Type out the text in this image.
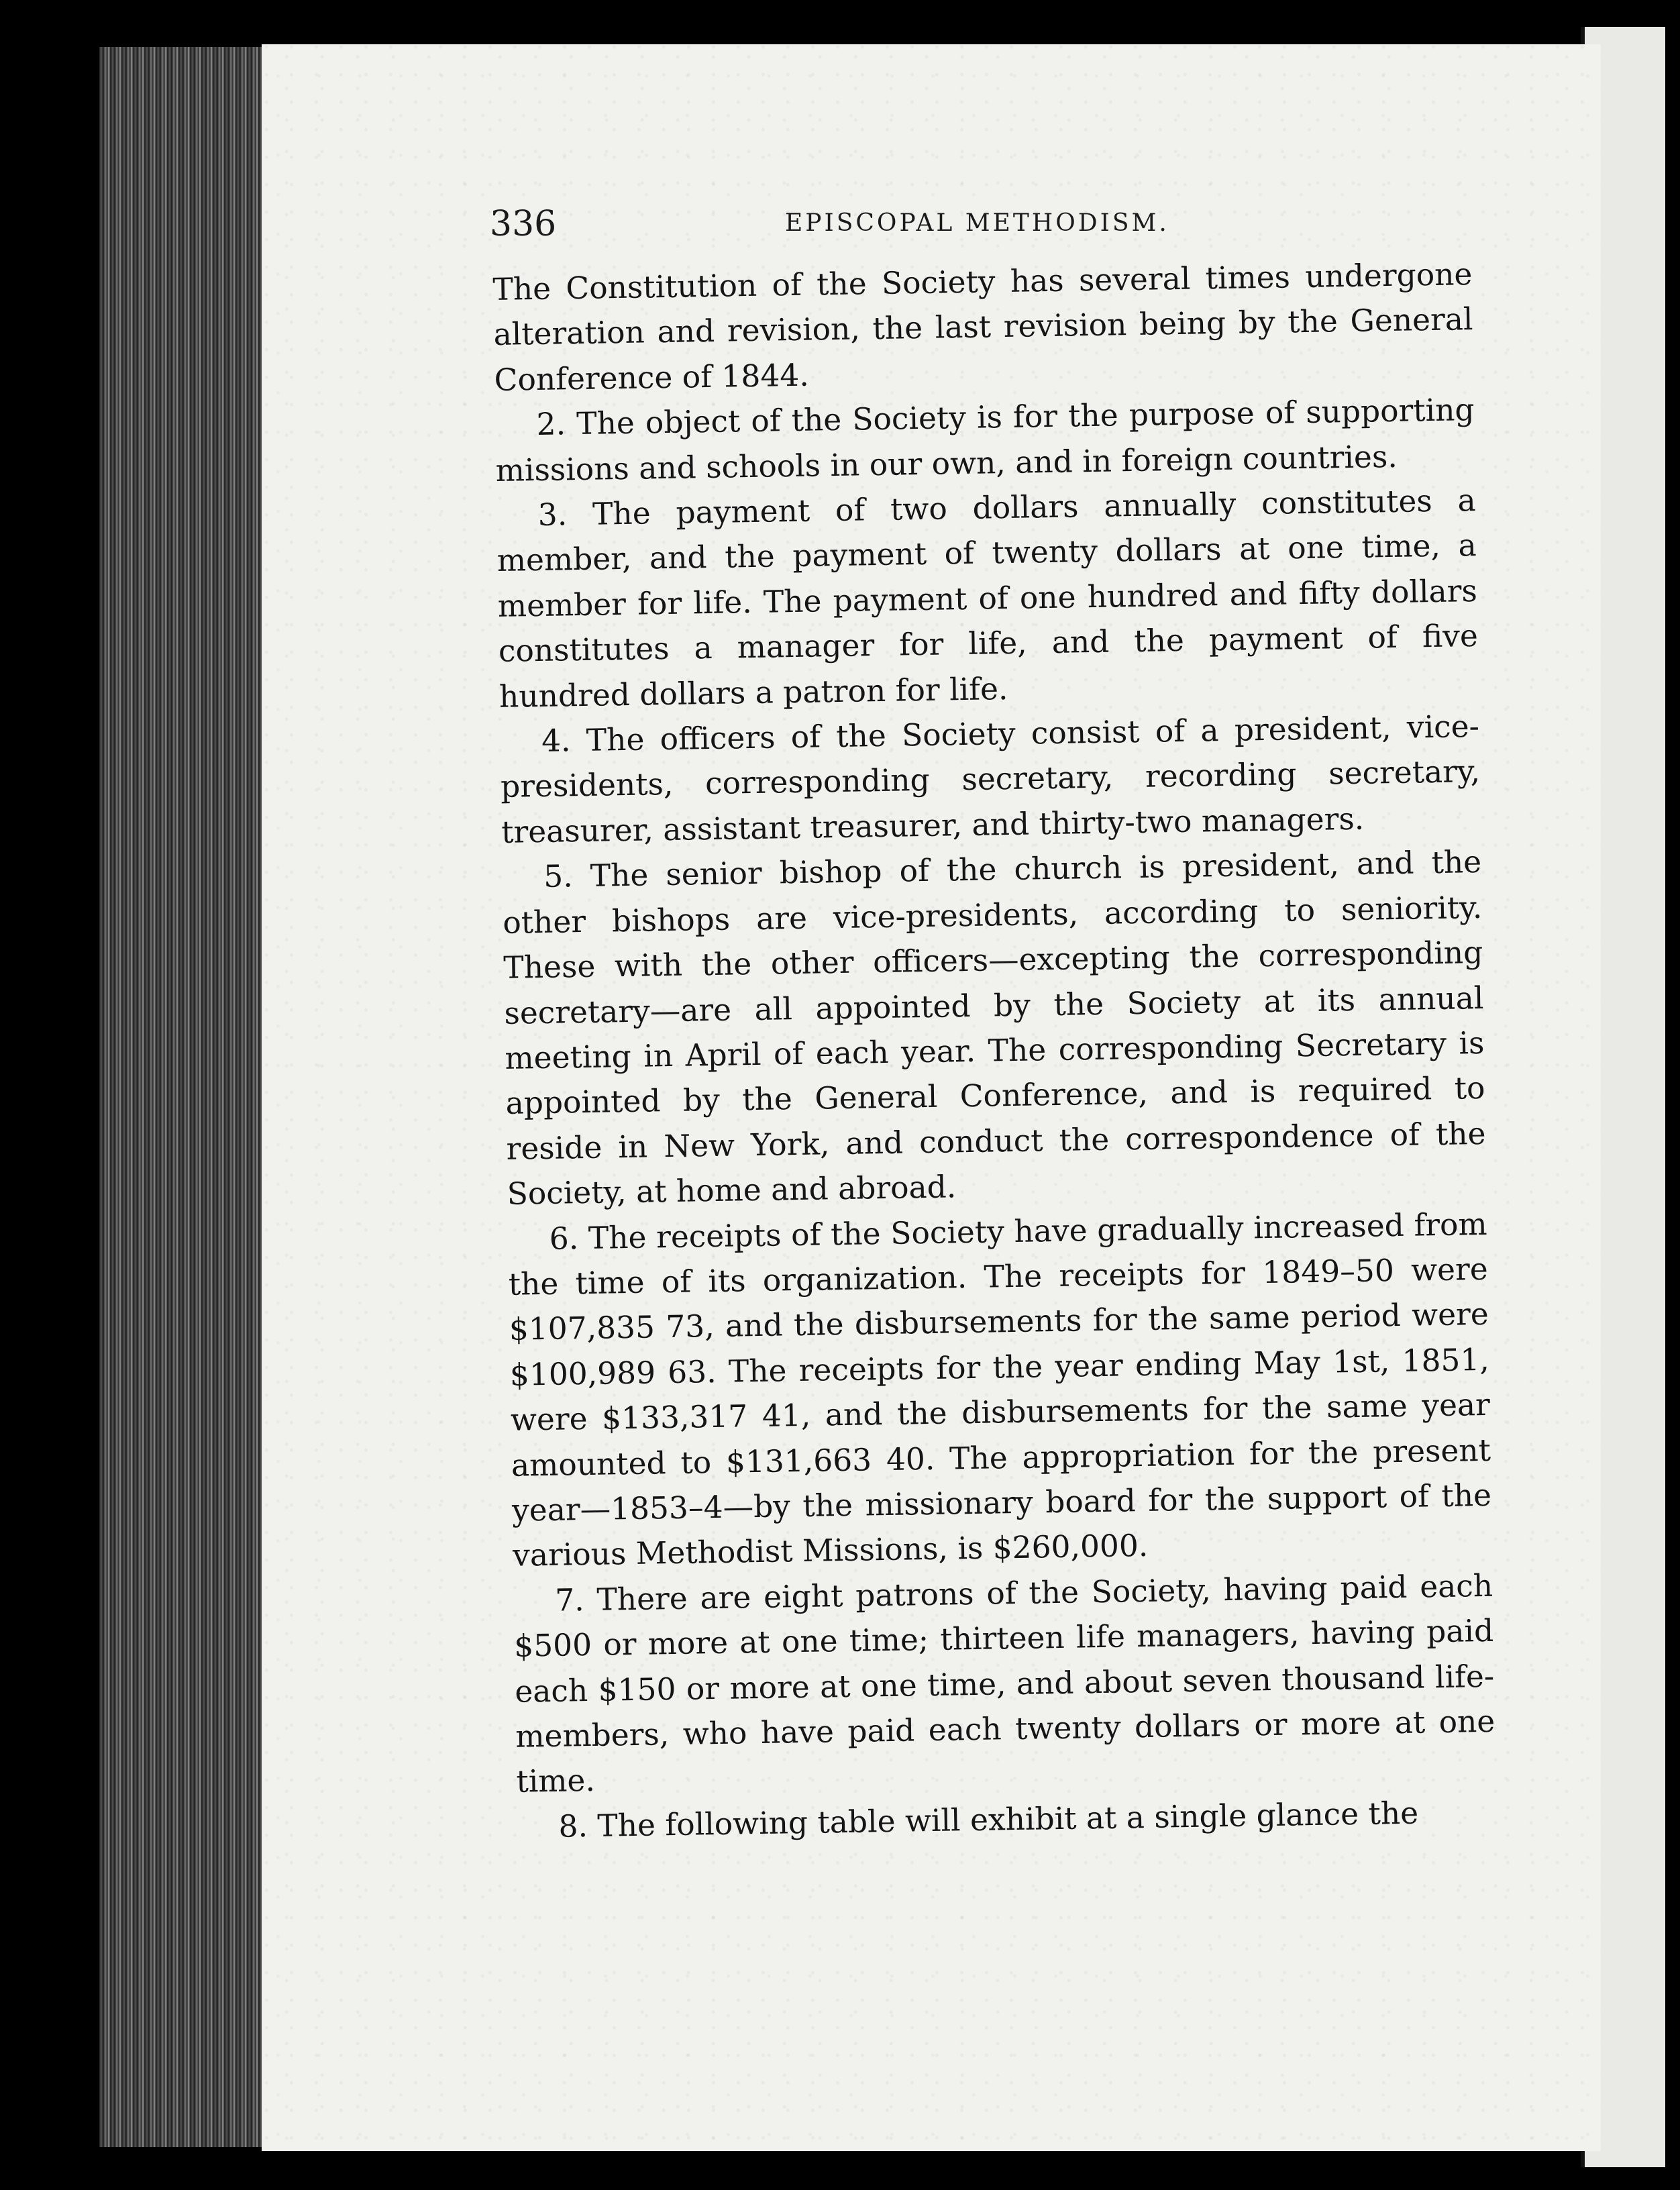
336	EPISCOPAL METHODISM.

The Constitution of the Society has several times undergone alteration and revision, the last revision being by the General Conference of 1844.

2. The object of the Society is for the purpose of supporting missions and schools in our own, and in foreign countries.

3. The payment of two dollars annually constitutes a member, and the payment of twenty dollars at one time, a member for life. The payment of one hundred and fifty dollars constitutes a manager for life, and the payment of five hundred dollars a patron for life.

4. The officers of the Society consist of a president, vice-presidents, corresponding secretary, recording secretary, treasurer, assistant treasurer, and thirty-two managers.

5. The senior bishop of the church is president, and the other bishops are vice-presidents, according to seniority. These with the other officers—excepting the corresponding secretary—are all appointed by the Society at its annual meeting in April of each year. The corresponding Secretary is appointed by the General Conference, and is required to reside in New York, and conduct the correspondence of the Society, at home and abroad.

6. The receipts of the Society have gradually increased from the time of its organization. The receipts for 1849–50 were $107,835 73, and the disbursements for the same period were $100,989 63. The receipts for the year ending May 1st, 1851, were $133,317 41, and the disbursements for the same year amounted to $131,663 40. The appropriation for the present year—1853–4—by the missionary board for the support of the various Methodist Missions, is $260,000.

7. There are eight patrons of the Society, having paid each $500 or more at one time; thirteen life managers, having paid each $150 or more at one time, and about seven thousand life-members, who have paid each twenty dollars or more at one time.

8. The following table will exhibit at a single glance the
